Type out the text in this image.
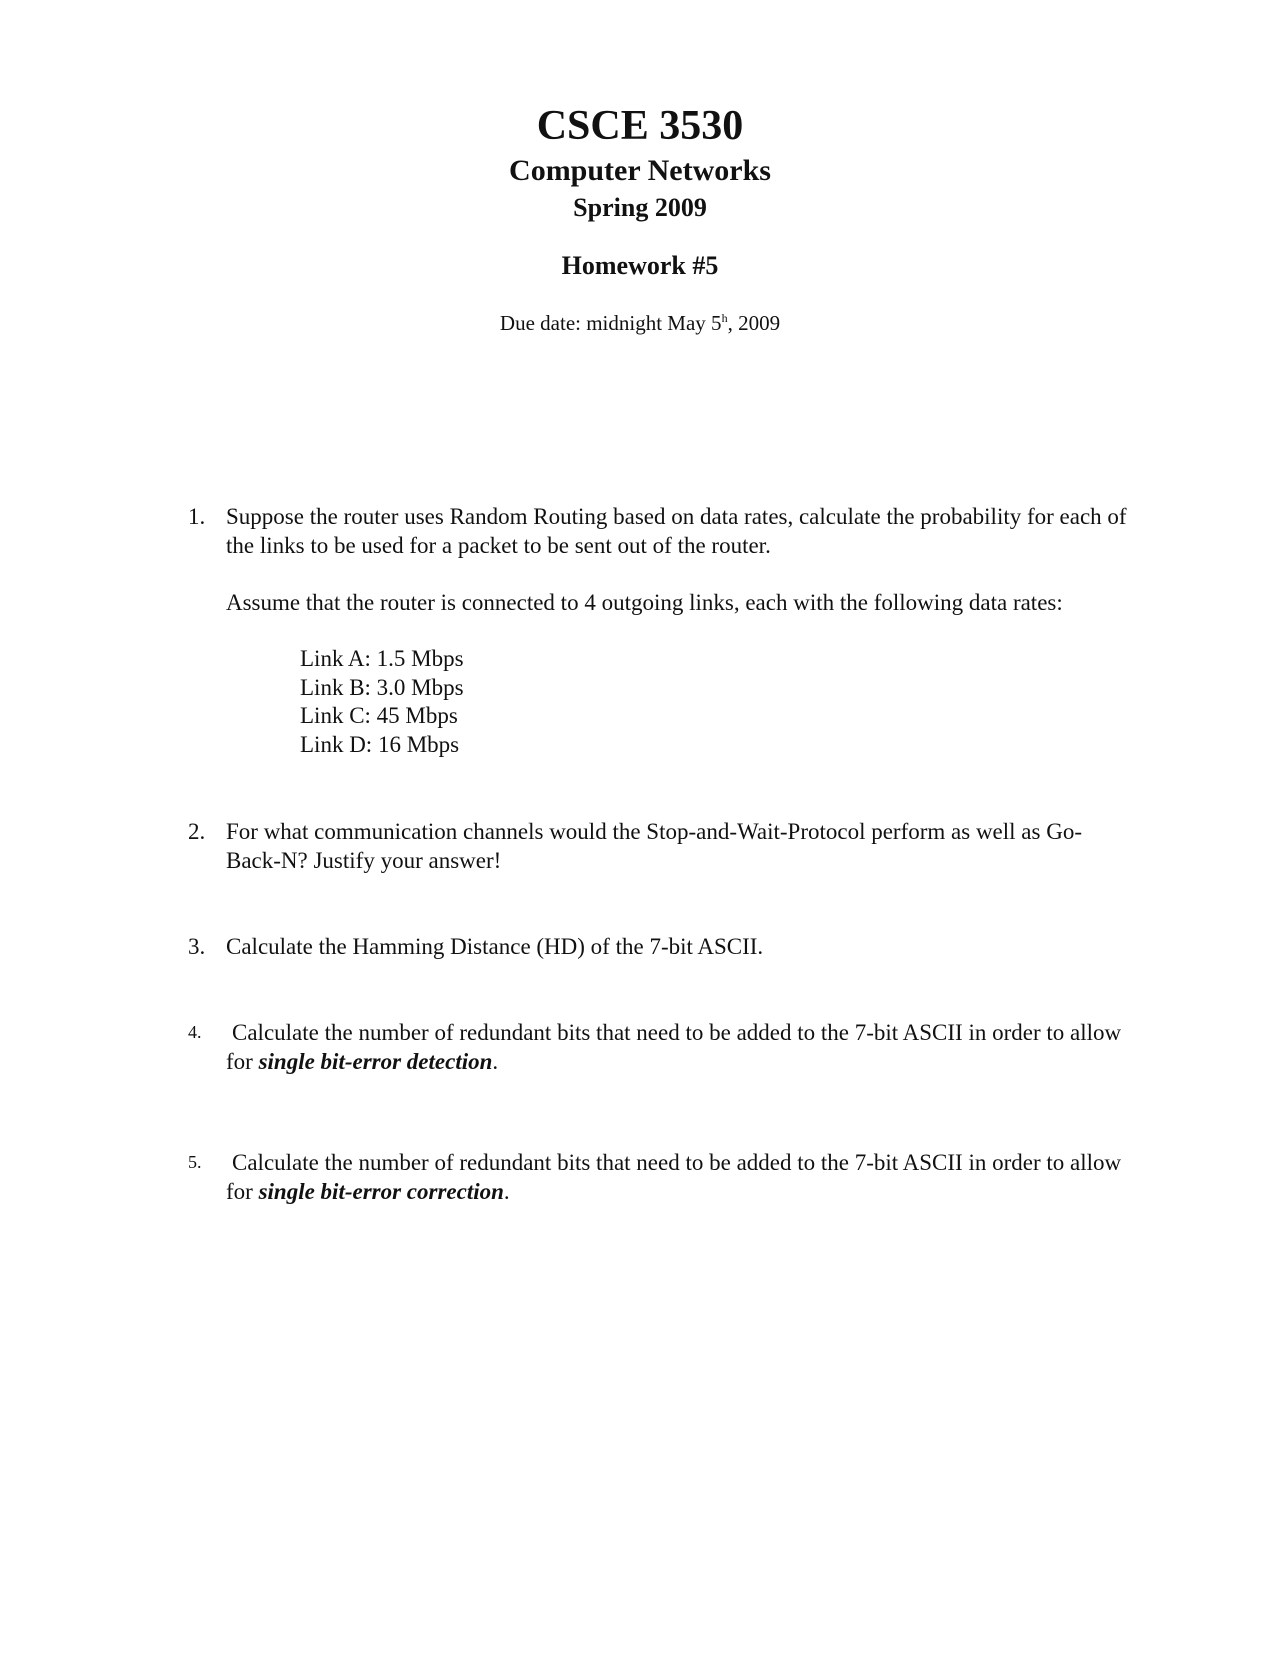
CSCE 3530
Computer Networks
Spring 2009
Homework #5
Due date: midnight May 5$^h$, 2009
1. Suppose the router uses Random Routing based on data rates, calculate the probability for each of the links to be used for a packet to be sent out of the router.
Assume that the router is connected to 4 outgoing links, each with the following data rates:
Link A: 1.5 Mbps
Link B: 3.0 Mbps
Link C: 45 Mbps
Link D: 16 Mbps
2. For what communication channels would the Stop-and-Wait-Protocol perform as well as Go-Back-N? Justify your answer!
3. Calculate the Hamming Distance (HD) of the 7-bit ASCII.
4.	Calculate the number of redundant bits that need to be added to the 7-bit ASCII in order to allow for single bit-error detection.
5.	Calculate the number of redundant bits that need to be added to the 7-bit ASCII in order to allow for single bit-error correction.
